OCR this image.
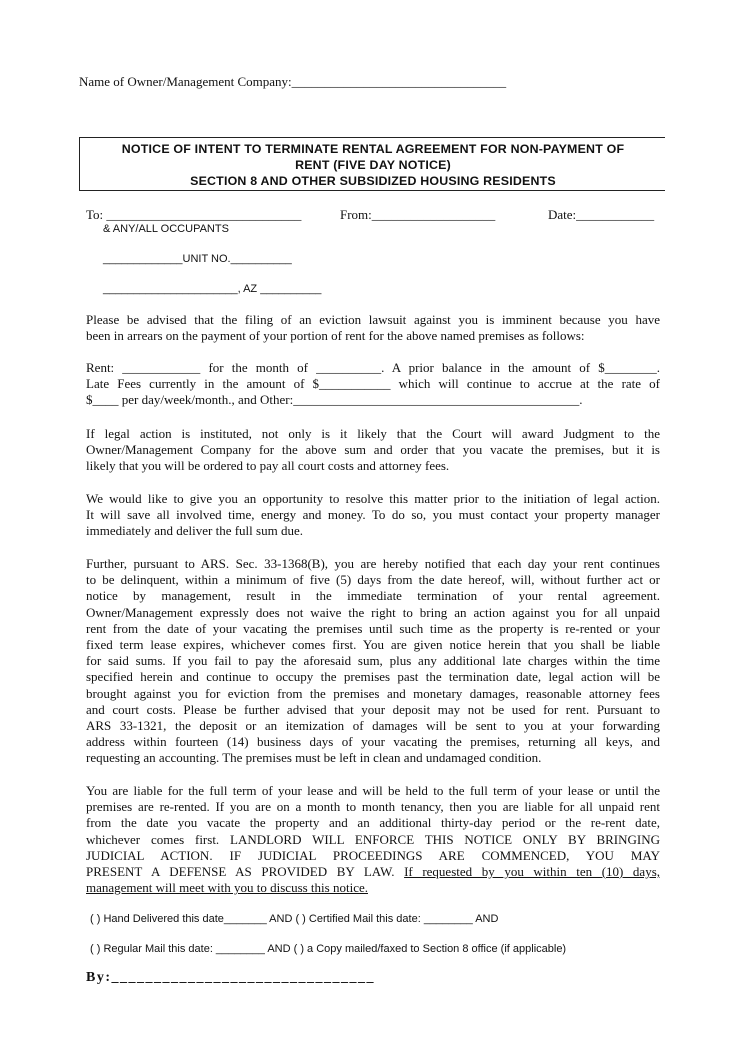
Name of Owner/Management Company:_________________________________
NOTICE OF INTENT TO TERMINATE RENTAL AGREEMENT FOR NON-PAYMENT OF
RENT (FIVE DAY NOTICE)
SECTION 8 AND OTHER SUBSIDIZED HOUSING RESIDENTS
To: ______________________________	From:___________________	Date:____________
& ANY/ALL OCCUPANTS
_____________UNIT NO.__________
______________________, AZ __________
Please be advised that the filing of an eviction lawsuit against you is imminent because you have
been in arrears on the payment of your portion of rent for the above named premises as follows:
Rent: ____________ for the month of __________. A prior balance in the amount of $________.
Late Fees currently in the amount of $___________ which will continue to accrue at the rate of
$____ per day/week/month., and Other:____________________________________________.
If legal action is instituted, not only is it likely that the Court will award Judgment to the
Owner/Management Company for the above sum and order that you vacate the premises, but it is
likely that you will be ordered to pay all court costs and attorney fees.
We would like to give you an opportunity to resolve this matter prior to the initiation of legal action.
It will save all involved time, energy and money. To do so, you must contact your property manager
immediately and deliver the full sum due.
Further, pursuant to ARS. Sec. 33-1368(B), you are hereby notified that each day your rent continues
to be delinquent, within a minimum of five (5) days from the date hereof, will, without further act or
notice by management, result in the immediate termination of your rental agreement.
Owner/Management expressly does not waive the right to bring an action against you for all unpaid
rent from the date of your vacating the premises until such time as the property is re-rented or your
fixed term lease expires, whichever comes first. You are given notice herein that you shall be liable
for said sums. If you fail to pay the aforesaid sum, plus any additional late charges within the time
specified herein and continue to occupy the premises past the termination date, legal action will be
brought against you for eviction from the premises and monetary damages, reasonable attorney fees
and court costs. Please be further advised that your deposit may not be used for rent. Pursuant to
ARS 33-1321, the deposit or an itemization of damages will be sent to you at your forwarding
address within fourteen (14) business days of your vacating the premises, returning all keys, and
requesting an accounting. The premises must be left in clean and undamaged condition.
You are liable for the full term of your lease and will be held to the full term of your lease or until the
premises are re-rented. If you are on a month to month tenancy, then you are liable for all unpaid rent
from the date you vacate the property and an additional thirty-day period or the re-rent date,
whichever comes first. LANDLORD WILL ENFORCE THIS NOTICE ONLY BY BRINGING
JUDICIAL ACTION. IF JUDICIAL PROCEEDINGS ARE COMMENCED, YOU MAY
PRESENT A DEFENSE AS PROVIDED BY LAW. If requested by you within ten (10) days,
management will meet with you to discuss this notice.
( ) Hand Delivered this date_______ AND ( ) Certified Mail this date: ________ AND
( ) Regular Mail this date: ________ AND ( ) a Copy mailed/faxed to Section 8 office (if applicable)
By:_______________________________
